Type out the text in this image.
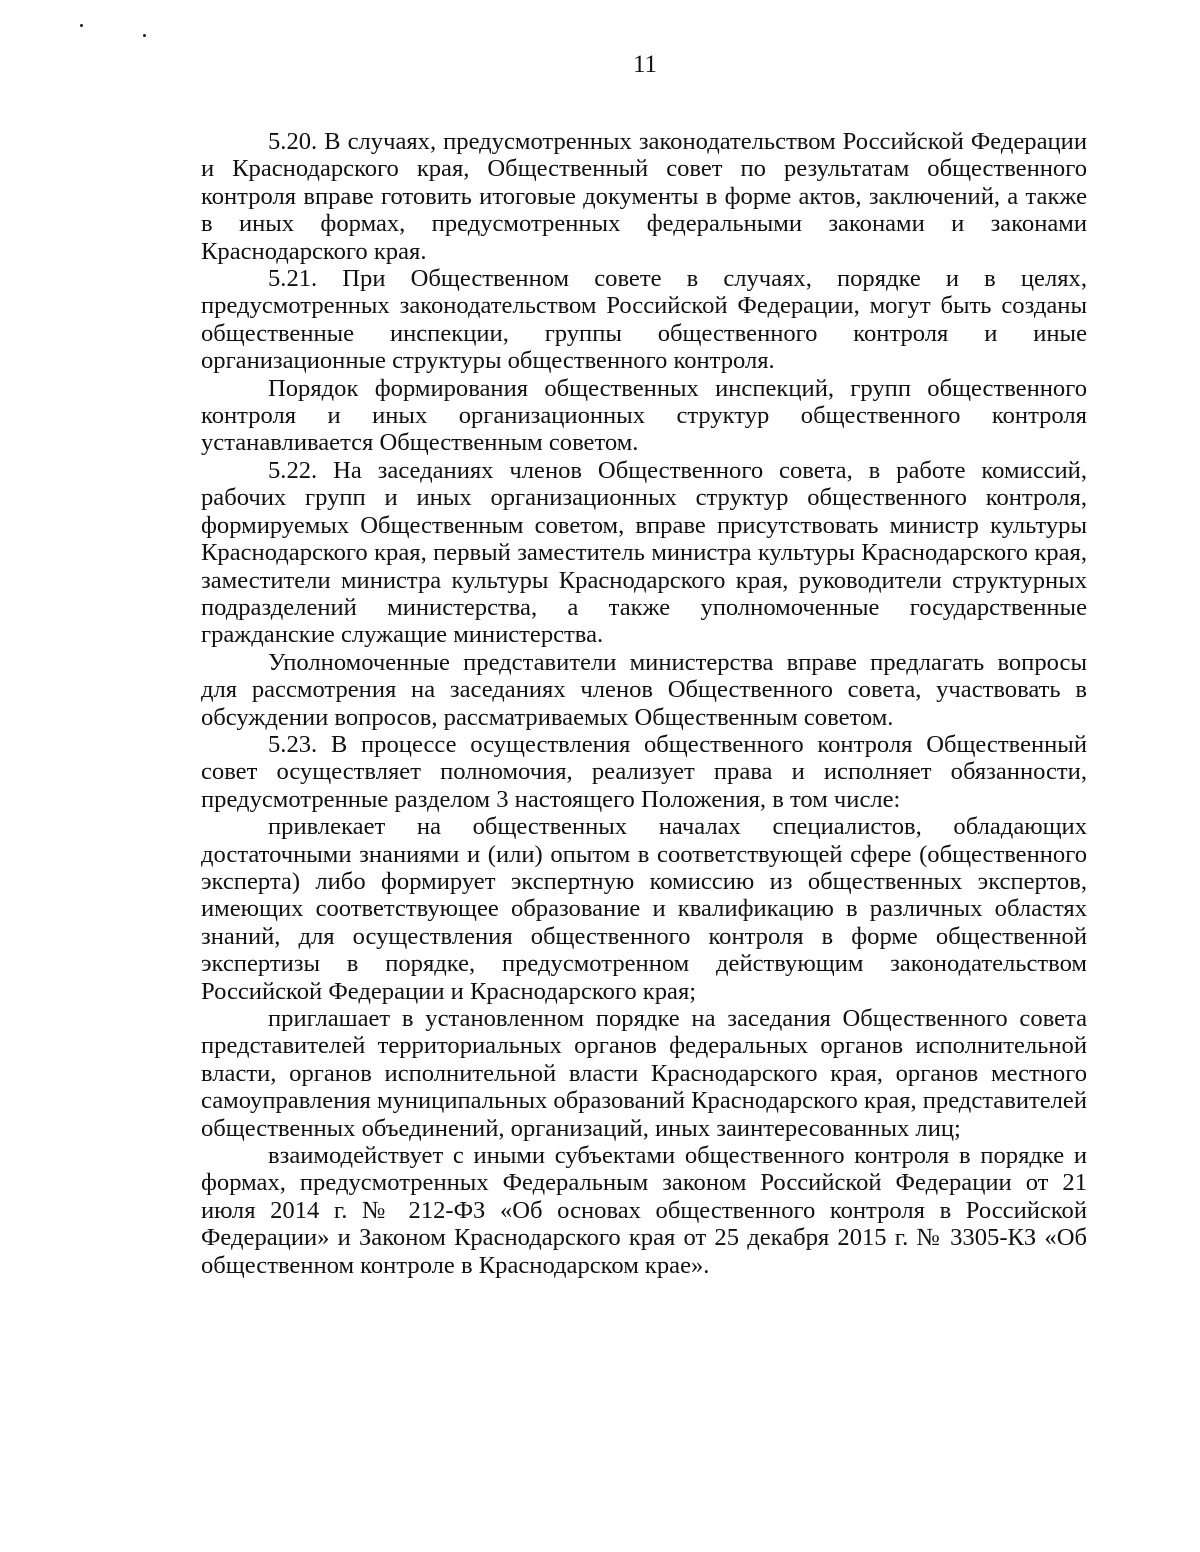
11

5.20. В случаях, предусмотренных законодательством Российской Федерации и Краснодарского края, Общественный совет по результатам общественного контроля вправе готовить итоговые документы в форме актов, заключений, а также в иных формах, предусмотренных федеральными законами и законами Краснодарского края.

5.21. При Общественном совете в случаях, порядке и в целях, предусмотренных законодательством Российской Федерации, могут быть созданы общественные инспекции, группы общественного контроля и иные организационные структуры общественного контроля.

Порядок формирования общественных инспекций, групп общественного контроля и иных организационных структур общественного контроля устанавливается Общественным советом.

5.22. На заседаниях членов Общественного совета, в работе комиссий, рабочих групп и иных организационных структур общественного контроля, формируемых Общественным советом, вправе присутствовать министр культуры Краснодарского края, первый заместитель министра культуры Краснодарского края, заместители министра культуры Краснодарского края, руководители структурных подразделений министерства, а также уполномоченные государственные гражданские служащие министерства.

Уполномоченные представители министерства вправе предлагать вопросы для рассмотрения на заседаниях членов Общественного совета, участвовать в обсуждении вопросов, рассматриваемых Общественным советом.

5.23. В процессе осуществления общественного контроля Общественный совет осуществляет полномочия, реализует права и исполняет обязанности, предусмотренные разделом 3 настоящего Положения, в том числе:

привлекает на общественных началах специалистов, обладающих достаточными знаниями и (или) опытом в соответствующей сфере (общественного эксперта) либо формирует экспертную комиссию из общественных экспертов, имеющих соответствующее образование и квалификацию в различных областях знаний, для осуществления общественного контроля в форме общественной экспертизы в порядке, предусмотренном действующим законодательством Российской Федерации и Краснодарского края;

приглашает в установленном порядке на заседания Общественного совета представителей территориальных органов федеральных органов исполнительной власти, органов исполнительной власти Краснодарского края, органов местного самоуправления муниципальных образований Краснодарского края, представителей общественных объединений, организаций, иных заинтересованных лиц;

взаимодействует с иными субъектами общественного контроля в порядке и формах, предусмотренных Федеральным законом Российской Федерации от 21 июля 2014 г. № 212-ФЗ «Об основах общественного контроля в Российской Федерации» и Законом Краснодарского края от 25 декабря 2015 г. № 3305-КЗ «Об общественном контроле в Краснодарском крае».
